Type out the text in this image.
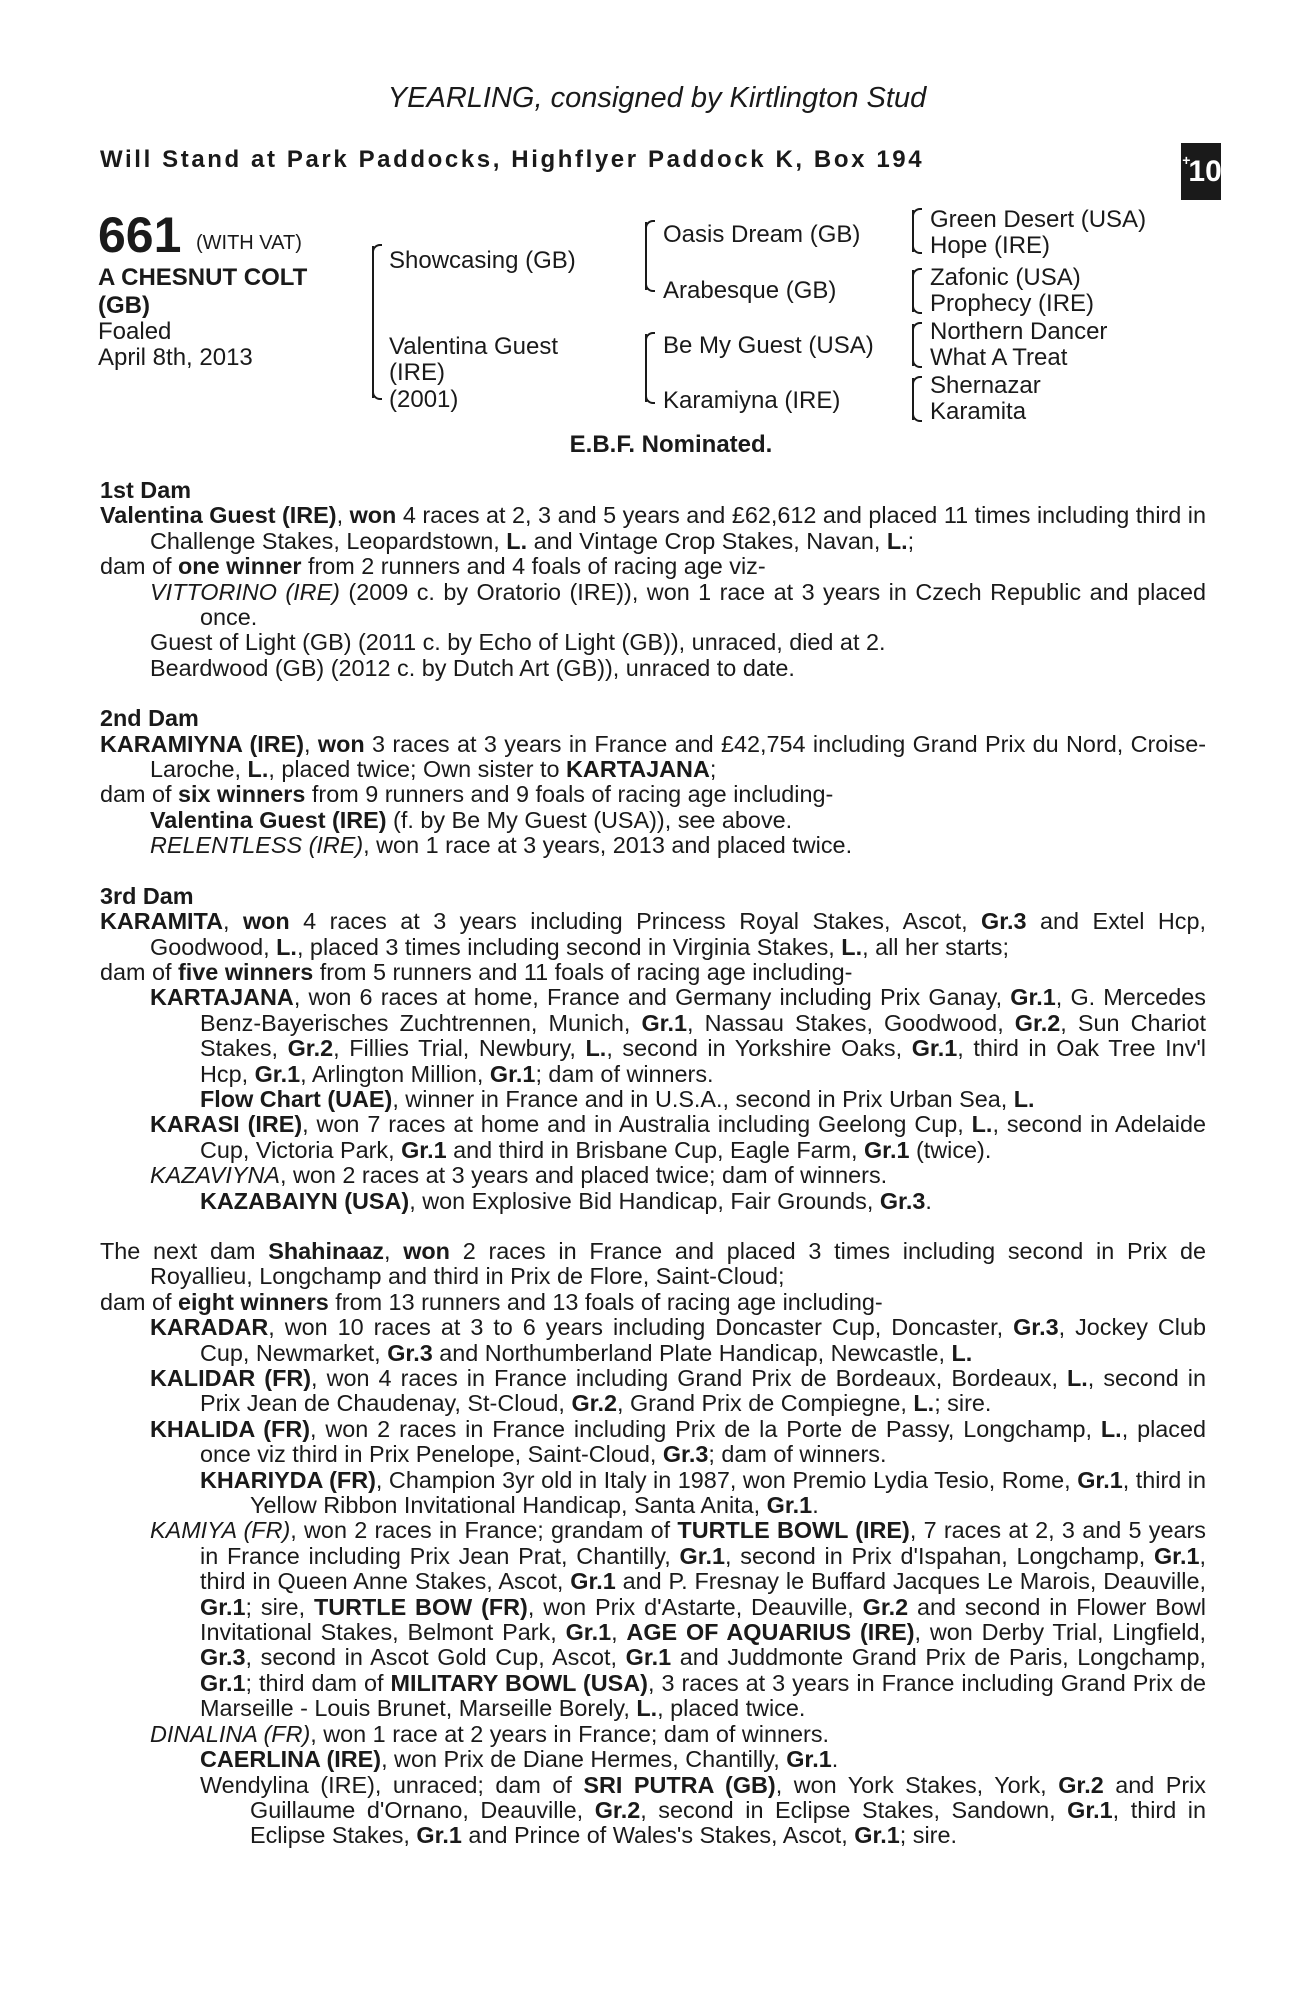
YEARLING, consigned by Kirtlington Stud
Will Stand at Park Paddocks, Highflyer Paddock K, Box 194	+
10
661 (WITH VAT)
A CHESNUT COLT
(GB)
Foaled
April 8th, 2013
Showcasing (GB)
Valentina Guest
(IRE)
(2001)
Oasis Dream (GB)
Arabesque (GB)
Be My Guest (USA)
Karamiyna (IRE)
Green Desert (USA)
Hope (IRE)
Zafonic (USA)
Prophecy (IRE)
Northern Dancer
What A Treat
Shernazar
Karamita
E.B.F. Nominated.

1st Dam

Valentina Guest (IRE), won 4 races at 2, 3 and 5 years and £62,612 and placed 11 times including third in Challenge Stakes, Leopardstown, L. and Vintage Crop Stakes, Navan, L.;

dam of one winner from 2 runners and 4 foals of racing age viz-

VITTORINO (IRE) (2009 c. by Oratorio (IRE)), won 1 race at 3 years in Czech Republic and placed once.

Guest of Light (GB) (2011 c. by Echo of Light (GB)), unraced, died at 2.

Beardwood (GB) (2012 c. by Dutch Art (GB)), unraced to date.

2nd Dam

KARAMIYNA (IRE), won 3 races at 3 years in France and £42,754 including Grand Prix du Nord, Croise-Laroche, L., placed twice; Own sister to KARTAJANA;

dam of six winners from 9 runners and 9 foals of racing age including-

Valentina Guest (IRE) (f. by Be My Guest (USA)), see above.

RELENTLESS (IRE), won 1 race at 3 years, 2013 and placed twice.

3rd Dam

KARAMITA, won 4 races at 3 years including Princess Royal Stakes, Ascot, Gr.3 and Extel Hcp, Goodwood, L., placed 3 times including second in Virginia Stakes, L., all her starts;

dam of five winners from 5 runners and 11 foals of racing age including-

KARTAJANA, won 6 races at home, France and Germany including Prix Ganay, Gr.1, G. Mercedes Benz-Bayerisches Zuchtrennen, Munich, Gr.1, Nassau Stakes, Goodwood, Gr.2, Sun Chariot Stakes, Gr.2, Fillies Trial, Newbury, L., second in Yorkshire Oaks, Gr.1, third in Oak Tree Inv'l Hcp, Gr.1, Arlington Million, Gr.1; dam of winners.

Flow Chart (UAE), winner in France and in U.S.A., second in Prix Urban Sea, L.

KARASI (IRE), won 7 races at home and in Australia including Geelong Cup, L., second in Adelaide Cup, Victoria Park, Gr.1 and third in Brisbane Cup, Eagle Farm, Gr.1 (twice).

KAZAVIYNA, won 2 races at 3 years and placed twice; dam of winners.

KAZABAIYN (USA), won Explosive Bid Handicap, Fair Grounds, Gr.3.

The next dam Shahinaaz, won 2 races in France and placed 3 times including second in Prix de Royallieu, Longchamp and third in Prix de Flore, Saint-Cloud;

dam of eight winners from 13 runners and 13 foals of racing age including-

KARADAR, won 10 races at 3 to 6 years including Doncaster Cup, Doncaster, Gr.3, Jockey Club Cup, Newmarket, Gr.3 and Northumberland Plate Handicap, Newcastle, L.

KALIDAR (FR), won 4 races in France including Grand Prix de Bordeaux, Bordeaux, L., second in Prix Jean de Chaudenay, St-Cloud, Gr.2, Grand Prix de Compiegne, L.; sire.

KHALIDA (FR), won 2 races in France including Prix de la Porte de Passy, Longchamp, L., placed once viz third in Prix Penelope, Saint-Cloud, Gr.3; dam of winners.

KHARIYDA (FR), Champion 3yr old in Italy in 1987, won Premio Lydia Tesio, Rome, Gr.1, third in Yellow Ribbon Invitational Handicap, Santa Anita, Gr.1.

KAMIYA (FR), won 2 races in France; grandam of TURTLE BOWL (IRE), 7 races at 2, 3 and 5 years in France including Prix Jean Prat, Chantilly, Gr.1, second in Prix d'Ispahan, Longchamp, Gr.1, third in Queen Anne Stakes, Ascot, Gr.1 and P. Fresnay le Buffard Jacques Le Marois, Deauville, Gr.1; sire, TURTLE BOW (FR), won Prix d'Astarte, Deauville, Gr.2 and second in Flower Bowl Invitational Stakes, Belmont Park, Gr.1, AGE OF AQUARIUS (IRE), won Derby Trial, Lingfield, Gr.3, second in Ascot Gold Cup, Ascot, Gr.1 and Juddmonte Grand Prix de Paris, Longchamp, Gr.1; third dam of MILITARY BOWL (USA), 3 races at 3 years in France including Grand Prix de Marseille - Louis Brunet, Marseille Borely, L., placed twice.

DINALINA (FR), won 1 race at 2 years in France; dam of winners.

CAERLINA (IRE), won Prix de Diane Hermes, Chantilly, Gr.1.

Wendylina (IRE), unraced; dam of SRI PUTRA (GB), won York Stakes, York, Gr.2 and Prix Guillaume d'Ornano, Deauville, Gr.2, second in Eclipse Stakes, Sandown, Gr.1, third in Eclipse Stakes, Gr.1 and Prince of Wales's Stakes, Ascot, Gr.1; sire.
